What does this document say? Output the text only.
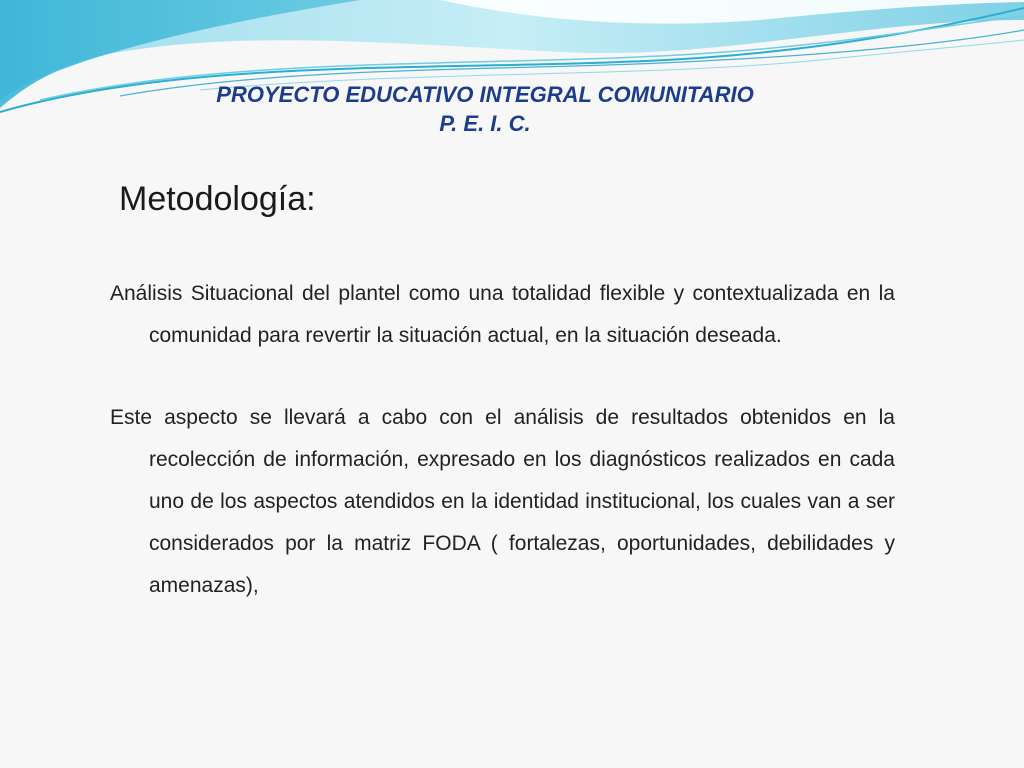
PROYECTO EDUCATIVO INTEGRAL COMUNITARIO
P. E. I. C.
Metodología:

Análisis Situacional del plantel como una totalidad flexible y contextualizada en la comunidad para revertir la situación actual, en la situación deseada.

Este aspecto se llevará a cabo con el análisis de resultados obtenidos en la recolección de información, expresado en los diagnósticos realizados en cada uno de los aspectos atendidos en la identidad institucional, los cuales van a ser considerados por la matriz FODA ( fortalezas, oportunidades, debilidades y amenazas),
